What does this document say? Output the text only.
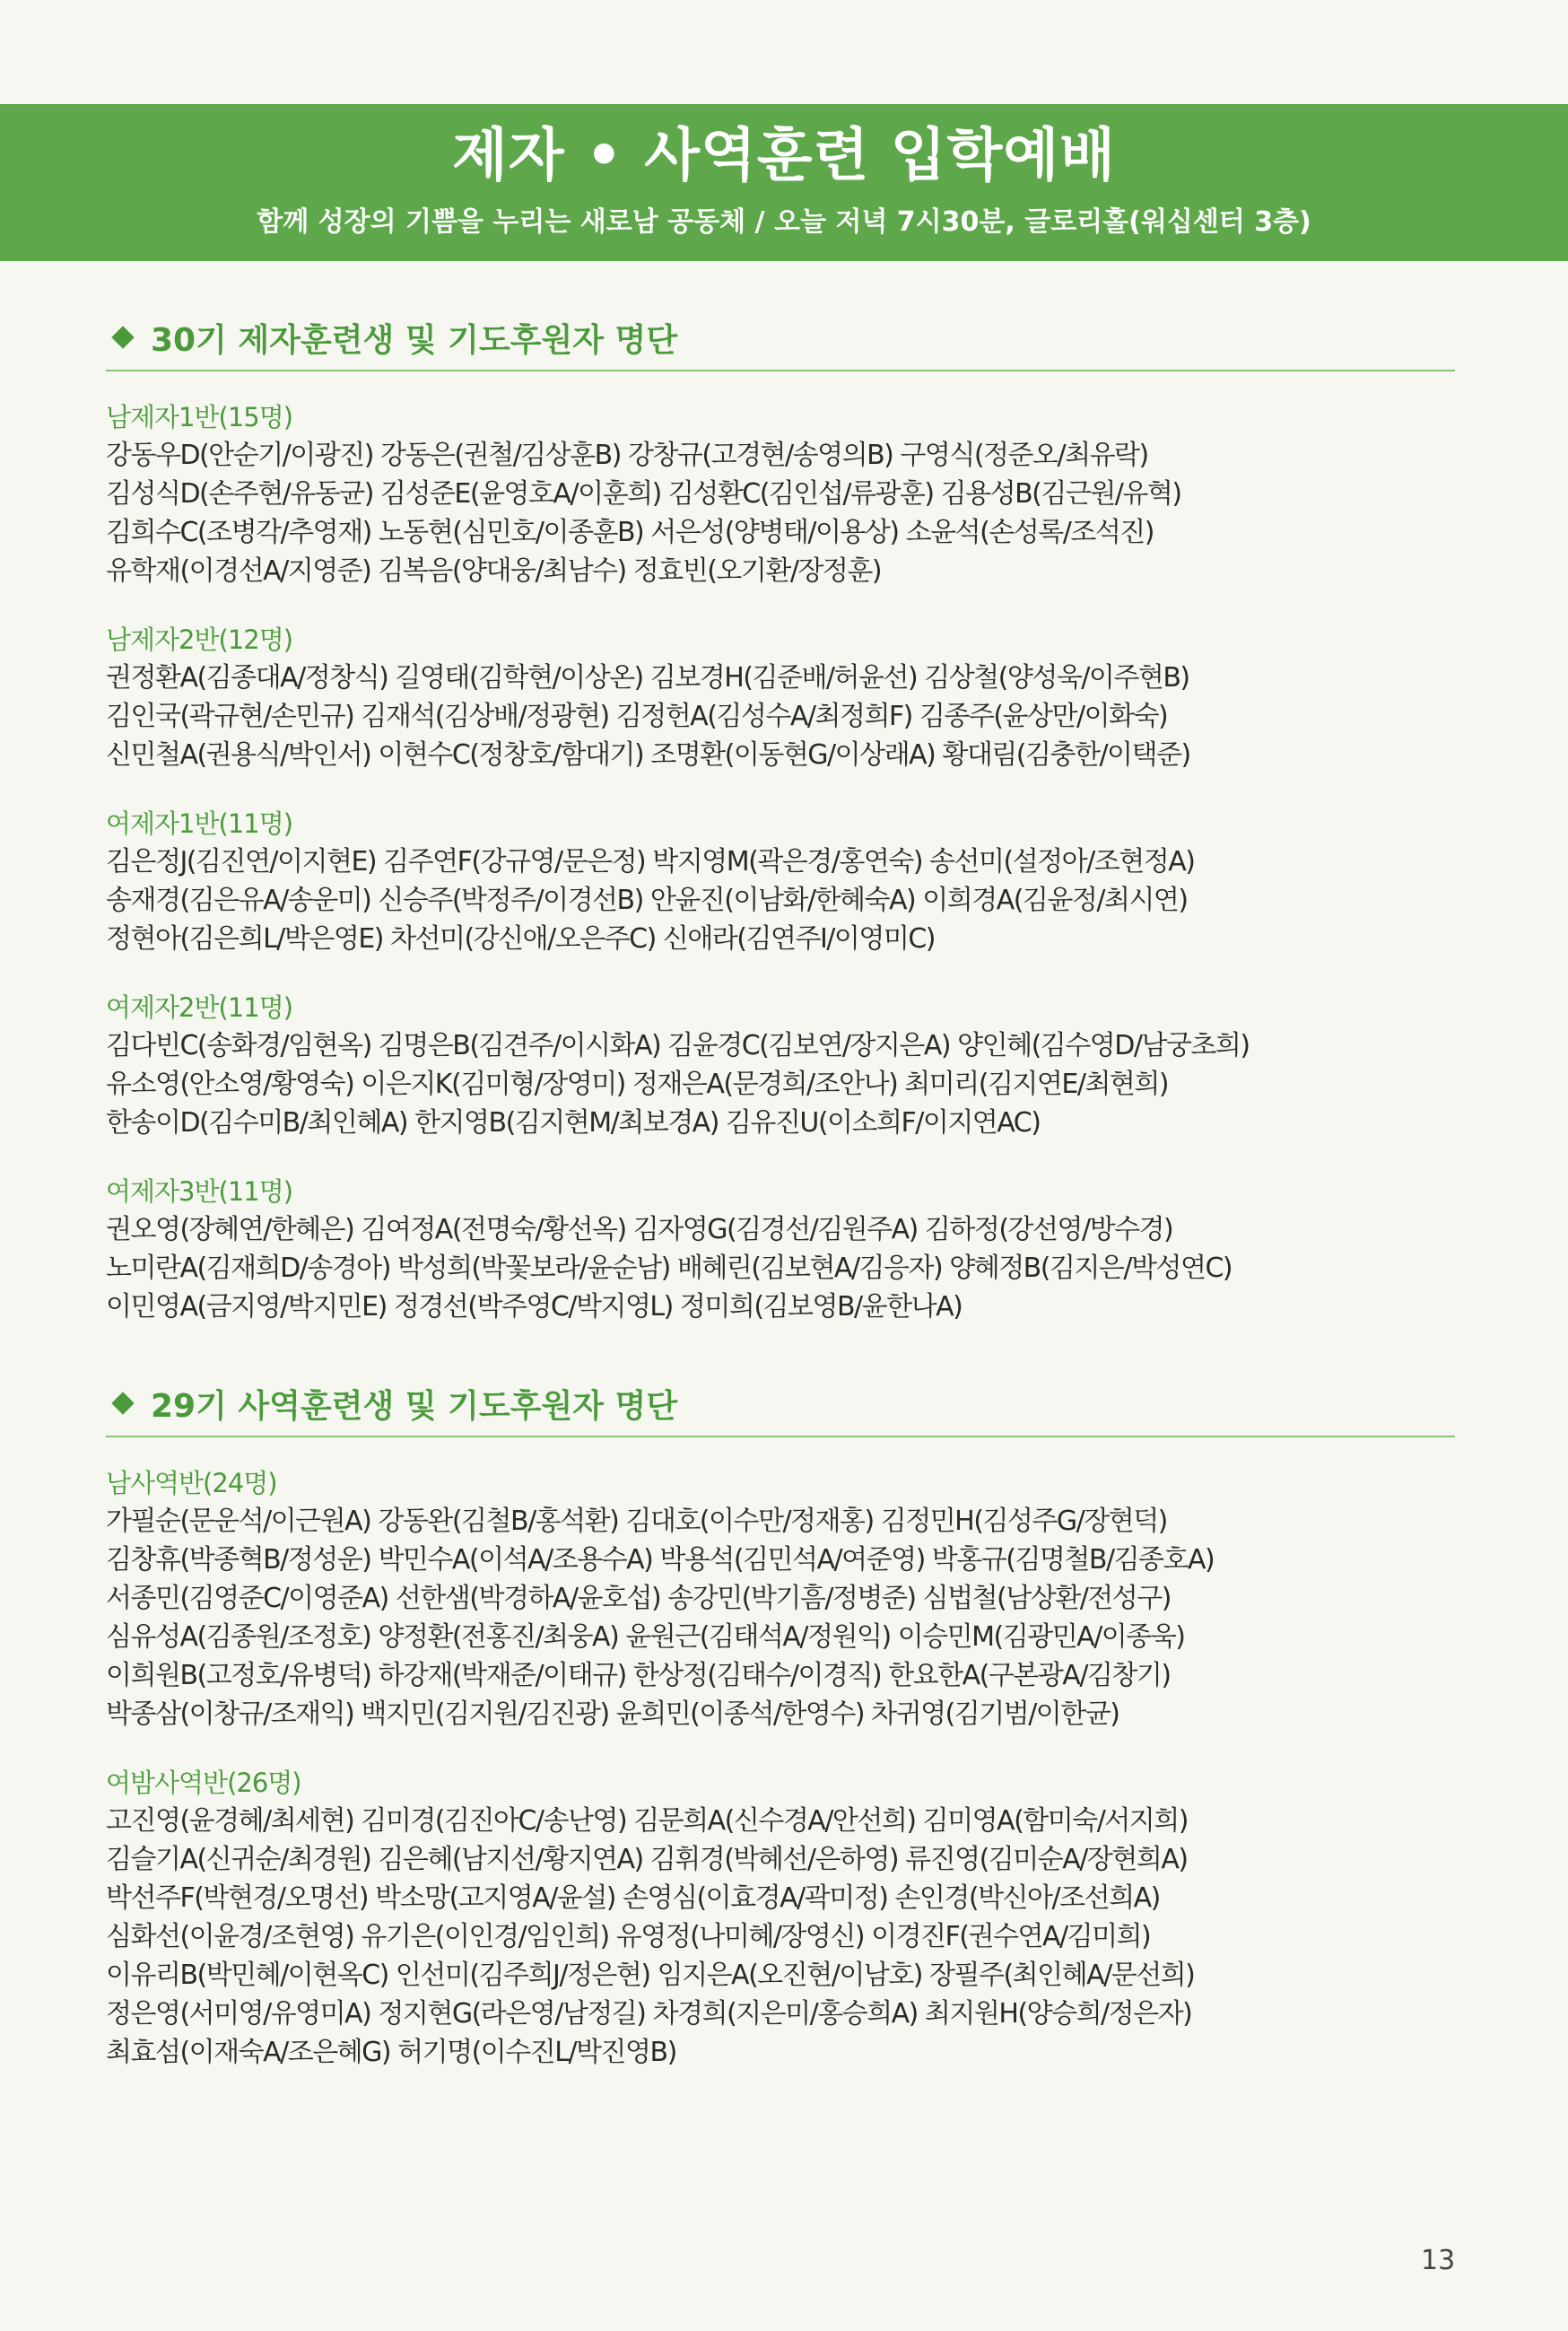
제자 • 사역훈련 입학예배
함께 성장의 기쁨을 누리는 새로남 공동체 / 오늘 저녁 7시30분, 글로리홀(워십센터 3층)
30기 제자훈련생 및 기도후원자 명단
남제자1반(15명)
강동우D(안순기/이광진) 강동은(권철/김상훈B) 강창규(고경현/송영의B) 구영식(정준오/최유락)
김성식D(손주현/유동균) 김성준E(윤영호A/이훈희) 김성환C(김인섭/류광훈) 김용성B(김근원/유혁)
김희수C(조병각/추영재) 노동현(심민호/이종훈B) 서은성(양병태/이용상) 소윤석(손성록/조석진)
유학재(이경선A/지영준) 김복음(양대웅/최남수) 정효빈(오기환/장정훈)
남제자2반(12명)
권정환A(김종대A/정창식) 길영태(김학현/이상온) 김보경H(김준배/허윤선) 김상철(양성욱/이주현B)
김인국(곽규현/손민규) 김재석(김상배/정광현) 김정헌A(김성수A/최정희F) 김종주(윤상만/이화숙)
신민철A(권용식/박인서) 이현수C(정창호/함대기) 조명환(이동현G/이상래A) 황대림(김충한/이택준)
여제자1반(11명)
김은정J(김진연/이지현E) 김주연F(강규영/문은정) 박지영M(곽은경/홍연숙) 송선미(설정아/조현정A)
송재경(김은유A/송운미) 신승주(박정주/이경선B) 안윤진(이남화/한혜숙A) 이희경A(김윤정/최시연)
정현아(김은희L/박은영E) 차선미(강신애/오은주C) 신애라(김연주I/이영미C)
여제자2반(11명)
김다빈C(송화경/임현옥) 김명은B(김견주/이시화A) 김윤경C(김보연/장지은A) 양인혜(김수영D/남궁초희)
유소영(안소영/황영숙) 이은지K(김미형/장영미) 정재은A(문경희/조안나) 최미리(김지연E/최현희)
한송이D(김수미B/최인혜A) 한지영B(김지현M/최보경A) 김유진U(이소희F/이지연AC)
여제자3반(11명)
권오영(장혜연/한혜은) 김여정A(전명숙/황선옥) 김자영G(김경선/김원주A) 김하정(강선영/방수경)
노미란A(김재희D/송경아) 박성희(박꽃보라/윤순남) 배혜린(김보현A/김응자) 양혜정B(김지은/박성연C)
이민영A(금지영/박지민E) 정경선(박주영C/박지영L) 정미희(김보영B/윤한나A)
29기 사역훈련생 및 기도후원자 명단
남사역반(24명)
가필순(문운석/이근원A) 강동완(김철B/홍석환) 김대호(이수만/정재홍) 김정민H(김성주G/장현덕)
김창휴(박종혁B/정성운) 박민수A(이석A/조용수A) 박용석(김민석A/여준영) 박홍규(김명철B/김종호A)
서종민(김영준C/이영준A) 선한샘(박경하A/윤호섭) 송강민(박기흠/정병준) 심법철(남상환/전성구)
심유성A(김종원/조정호) 양정환(전홍진/최웅A) 윤원근(김태석A/정원익) 이승민M(김광민A/이종욱)
이희원B(고정호/유병덕) 하강재(박재준/이태규) 한상정(김태수/이경직) 한요한A(구본광A/김창기)
박종삼(이창규/조재익) 백지민(김지원/김진광) 윤희민(이종석/한영수) 차귀영(김기범/이한균)
여밤사역반(26명)
고진영(윤경혜/최세현) 김미경(김진아C/송난영) 김문희A(신수경A/안선희) 김미영A(함미숙/서지희)
김슬기A(신귀순/최경원) 김은혜(남지선/황지연A) 김휘경(박혜선/은하영) 류진영(김미순A/장현희A)
박선주F(박현경/오명선) 박소망(고지영A/윤설) 손영심(이효경A/곽미정) 손인경(박신아/조선희A)
심화선(이윤경/조현영) 유기은(이인경/임인희) 유영정(나미혜/장영신) 이경진F(권수연A/김미희)
이유리B(박민혜/이현옥C) 인선미(김주희J/정은현) 임지은A(오진현/이남호) 장필주(최인혜A/문선희)
정은영(서미영/유영미A) 정지현G(라은영/남정길) 차경희(지은미/홍승희A) 최지원H(양승희/정은자)
최효섬(이재숙A/조은혜G) 허기명(이수진L/박진영B)
13
